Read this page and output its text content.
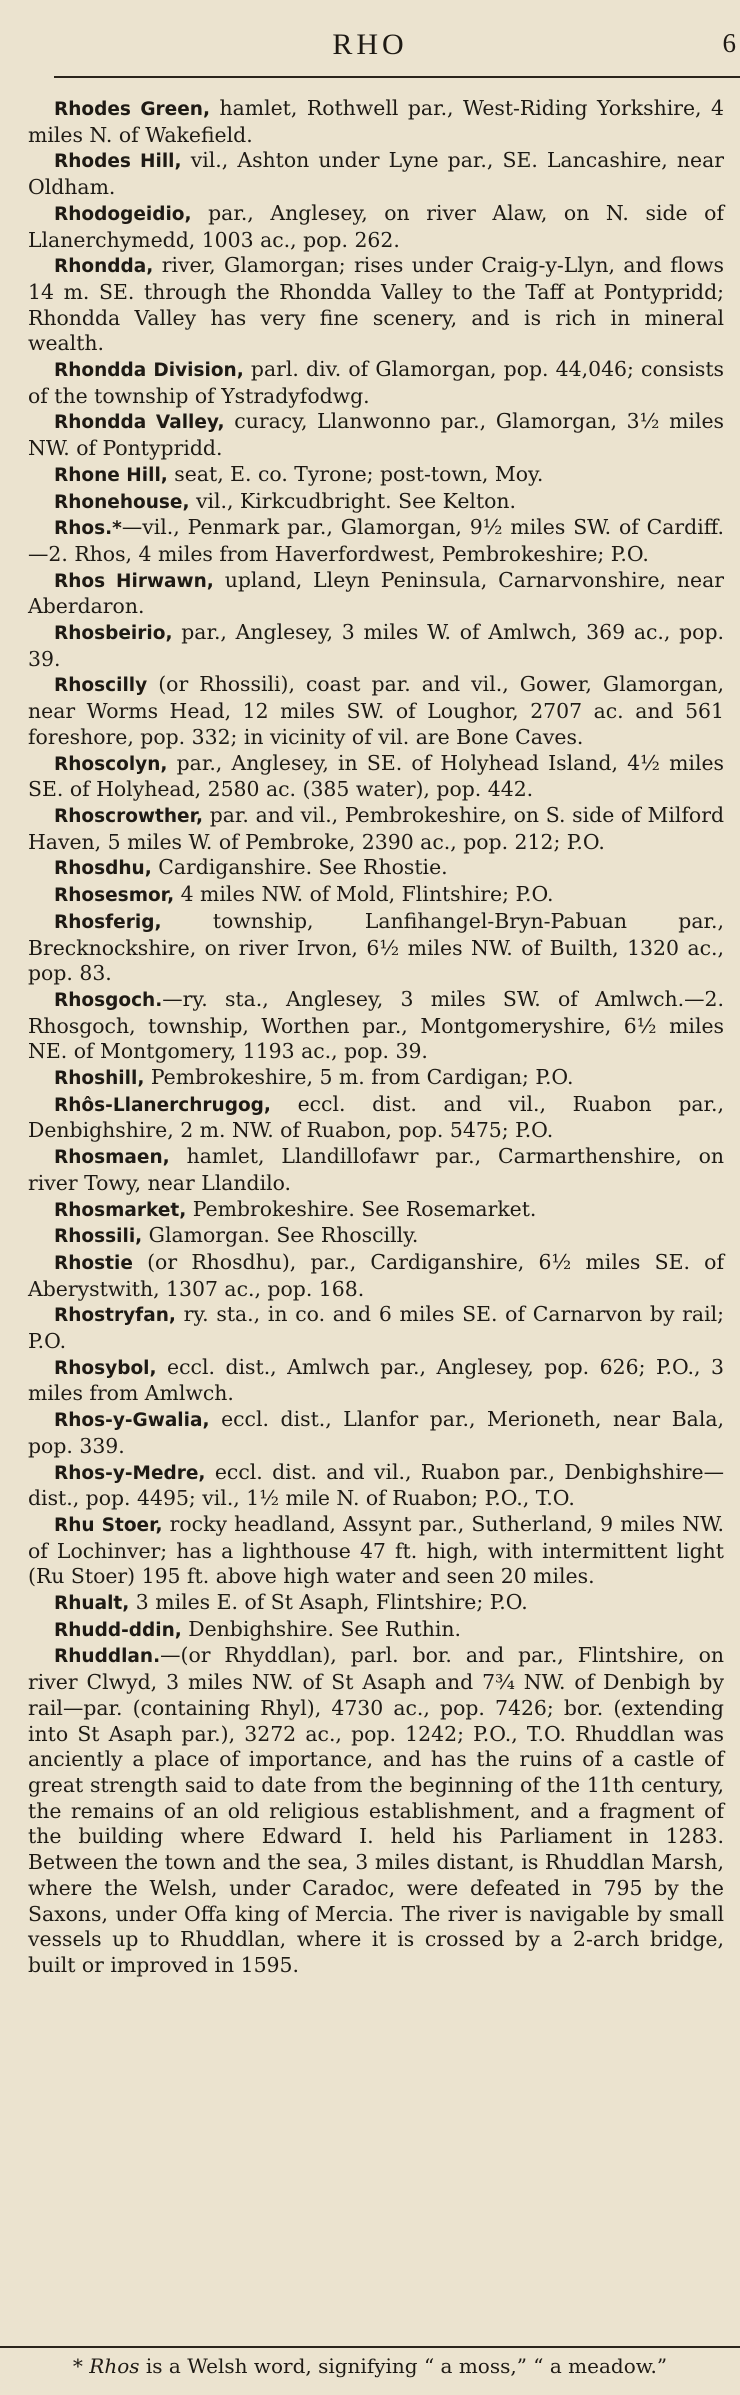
RHO	6

Rhodes Green, hamlet, Rothwell par., West-Riding Yorkshire, 4 miles N. of Wakefield.

Rhodes Hill, vil., Ashton under Lyne par., SE. Lancashire, near Oldham.

Rhodogeidio, par., Anglesey, on river Alaw, on N. side of Llanerchymedd, 1003 ac., pop. 262.

Rhondda, river, Glamorgan; rises under Craig-y-Llyn, and flows 14 m. SE. through the Rhondda Valley to the Taff at Pontypridd; Rhondda Valley has very fine scenery, and is rich in mineral wealth.

Rhondda Division, parl. div. of Glamorgan, pop. 44,046; consists of the township of Ystradyfodwg.

Rhondda Valley, curacy, Llanwonno par., Glamorgan, 3½ miles NW. of Pontypridd.

Rhone Hill, seat, E. co. Tyrone; post-town, Moy.

Rhonehouse, vil., Kirkcudbright. See Kelton.

Rhos.*—vil., Penmark par., Glamorgan, 9½ miles SW. of Cardiff.—2. Rhos, 4 miles from Haverfordwest, Pembrokeshire; P.O.

Rhos Hirwawn, upland, Lleyn Peninsula, Carnarvonshire, near Aberdaron.

Rhosbeirio, par., Anglesey, 3 miles W. of Amlwch, 369 ac., pop. 39.

Rhoscilly (or Rhossili), coast par. and vil., Gower, Glamorgan, near Worms Head, 12 miles SW. of Loughor, 2707 ac. and 561 foreshore, pop. 332; in vicinity of vil. are Bone Caves.

Rhoscolyn, par., Anglesey, in SE. of Holyhead Island, 4½ miles SE. of Holyhead, 2580 ac. (385 water), pop. 442.

Rhoscrowther, par. and vil., Pembrokeshire, on S. side of Milford Haven, 5 miles W. of Pembroke, 2390 ac., pop. 212; P.O.

Rhosdhu, Cardiganshire. See Rhostie.

Rhosesmor, 4 miles NW. of Mold, Flintshire; P.O.

Rhosferig, township, Lanfihangel-Bryn-Pabuan par., Brecknockshire, on river Irvon, 6½ miles NW. of Builth, 1320 ac., pop. 83.

Rhosgoch.—ry. sta., Anglesey, 3 miles SW. of Amlwch.—2. Rhosgoch, township, Worthen par., Montgomeryshire, 6½ miles NE. of Montgomery, 1193 ac., pop. 39.

Rhoshill, Pembrokeshire, 5 m. from Cardigan; P.O.

Rhôs-Llanerchrugog, eccl. dist. and vil., Ruabon par., Denbighshire, 2 m. NW. of Ruabon, pop. 5475; P.O.

Rhosmaen, hamlet, Llandillofawr par., Carmarthenshire, on river Towy, near Llandilo.

Rhosmarket, Pembrokeshire. See Rosemarket.

Rhossili, Glamorgan. See Rhoscilly.

Rhostie (or Rhosdhu), par., Cardiganshire, 6½ miles SE. of Aberystwith, 1307 ac., pop. 168.

Rhostryfan, ry. sta., in co. and 6 miles SE. of Carnarvon by rail; P.O.

Rhosybol, eccl. dist., Amlwch par., Anglesey, pop. 626; P.O., 3 miles from Amlwch.

Rhos-y-Gwalia, eccl. dist., Llanfor par., Merioneth, near Bala, pop. 339.

Rhos-y-Medre, eccl. dist. and vil., Ruabon par., Denbighshire—dist., pop. 4495; vil., 1½ mile N. of Ruabon; P.O., T.O.

Rhu Stoer, rocky headland, Assynt par., Sutherland, 9 miles NW. of Lochinver; has a lighthouse 47 ft. high, with intermittent light (Ru Stoer) 195 ft. above high water and seen 20 miles.

Rhualt, 3 miles E. of St Asaph, Flintshire; P.O.

Rhudd-ddin, Denbighshire. See Ruthin.

Rhuddlan.—(or Rhyddlan), parl. bor. and par., Flintshire, on river Clwyd, 3 miles NW. of St Asaph and 7¾ NW. of Denbigh by rail—par. (containing Rhyl), 4730 ac., pop. 7426; bor. (extending into St Asaph par.), 3272 ac., pop. 1242; P.O., T.O. Rhuddlan was anciently a place of importance, and has the ruins of a castle of great strength said to date from the beginning of the 11th century, the remains of an old religious establishment, and a fragment of the building where Edward I. held his Parliament in 1283. Between the town and the sea, 3 miles distant, is Rhuddlan Marsh, where the Welsh, under Caradoc, were defeated in 795 by the Saxons, under Offa king of Mercia. The river is navigable by small vessels up to Rhuddlan, where it is crossed by a 2-arch bridge, built or improved in 1595.

* Rhos is a Welsh word, signifying “ a moss,” “ a meadow.”
